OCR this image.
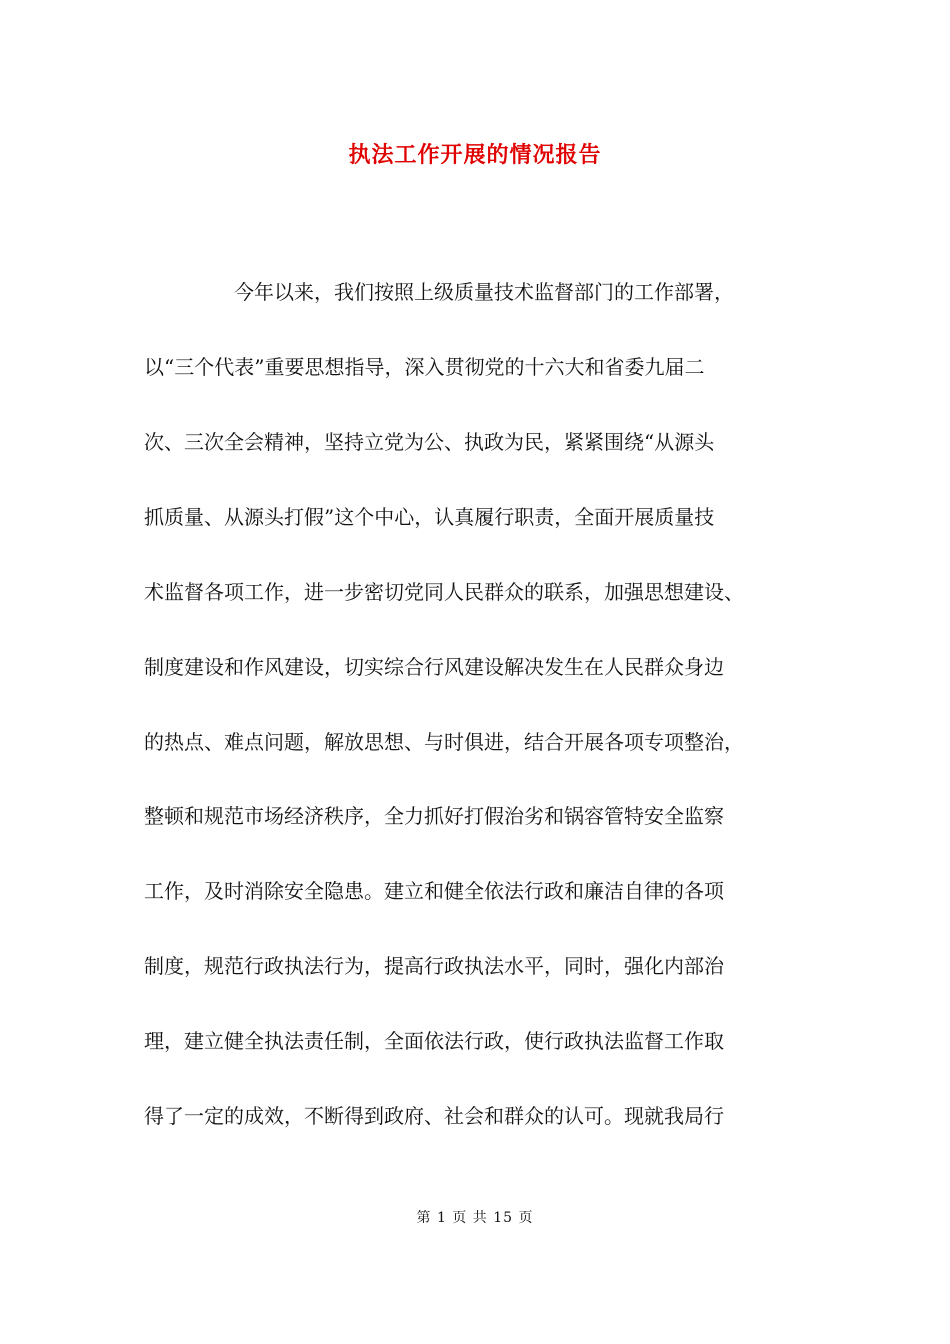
执法工作开展的情况报告

今年以来，我们按照上级质量技术监督部门的工作部署，

以“三个代表”重要思想指导，深入贯彻党的十六大和省委九届二

次、三次全会精神，坚持立党为公、执政为民，紧紧围绕“从源头

抓质量、从源头打假”这个中心，认真履行职责，全面开展质量技

术监督各项工作，进一步密切党同人民群众的联系，加强思想建设、

制度建设和作风建设，切实综合行风建设解决发生在人民群众身边

的热点、难点问题，解放思想、与时俱进，结合开展各项专项整治，

整顿和规范市场经济秩序，全力抓好打假治劣和锅容管特安全监察

工作，及时消除安全隐患。建立和健全依法行政和廉洁自律的各项

制度，规范行政执法行为，提高行政执法水平，同时，强化内部治

理，建立健全执法责任制，全面依法行政，使行政执法监督工作取

得了一定的成效，不断得到政府、社会和群众的认可。现就我局行

第 1 页 共 15 页
